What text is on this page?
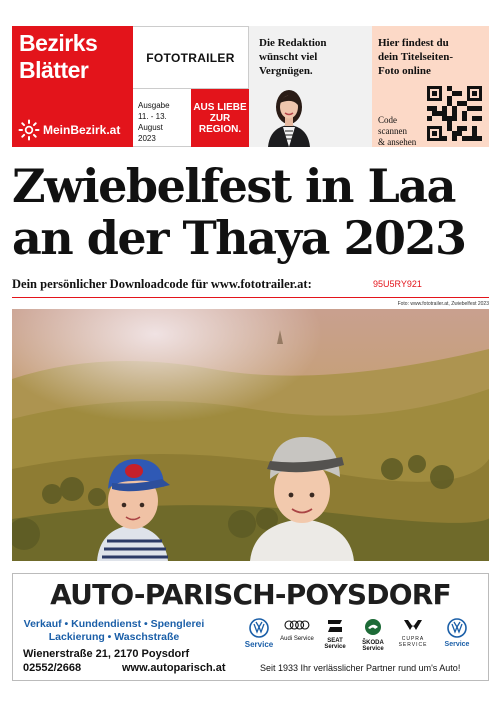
Bezirks
Blätter
MeinBezirk.at
FOTOTRAILER
Ausgabe
11. - 13. August
2023
AUS LIEBE
ZUR
REGION.
Die Redaktion
wünscht viel
Vergnügen.
Hier findest du
dein Titelseiten-
Foto online
Code
scannen
& ansehen
Zwiebelfest in Laa
an der Thaya 2023
Dein persönlicher Downloadcode für www.fototrailer.at:	95U5RY921
Foto: www.fototrailer.at, Zwiebelfest 2023
AUTO-PARISCH-POYSDORF
Verkauf • Kundendienst • Spenglerei
Lackierung • Waschstraße
Wienerstraße 21, 2170 Poysdorf
02552/2668	www.autoparisch.at	Seit 1933 Ihr verlässlicher Partner rund um's Auto!
Service
Audi Service	SEAT Service
ŠKODA Service
CUPRA SERVICE	Service
